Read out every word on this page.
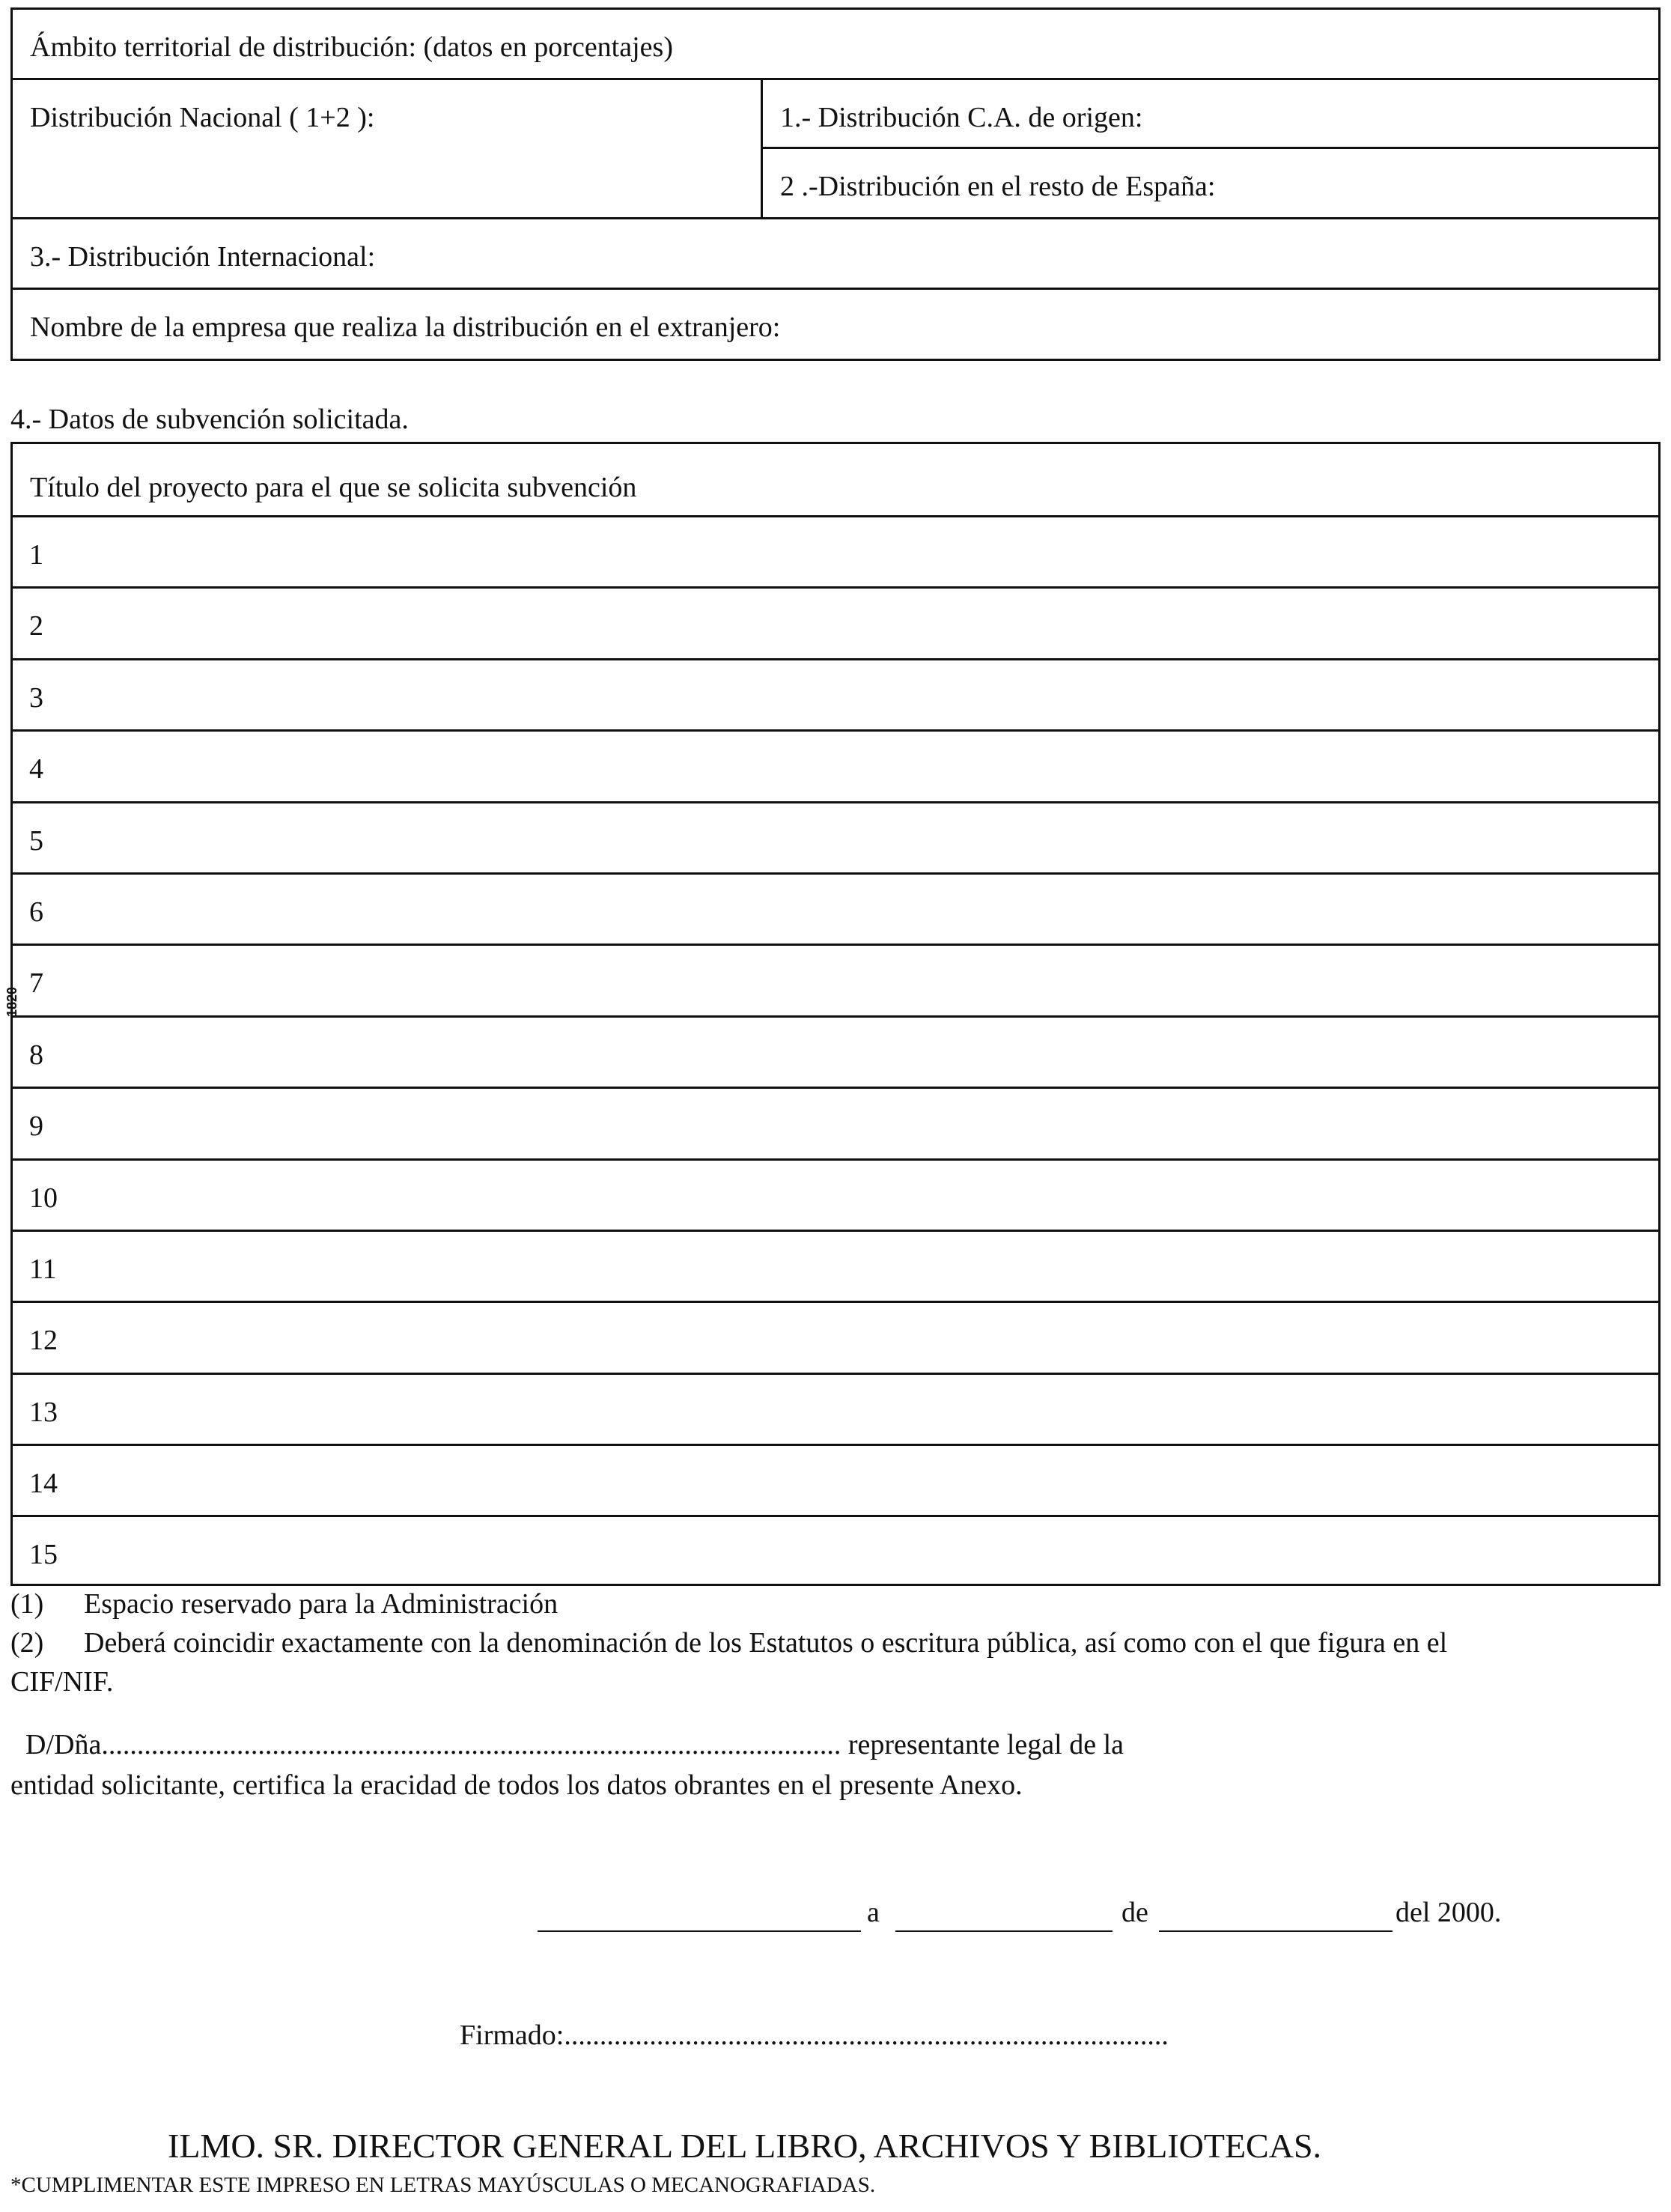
Ámbito territorial de distribución: (datos en porcentajes)
Distribución Nacional ( 1+2 ):	1.- Distribución C.A. de origen:
2 .-Distribución en el resto de España:
3.- Distribución Internacional:
Nombre de la empresa que realiza la distribución en el extranjero:
4.- Datos de subvención solicitada.
Título del proyecto para el que se solicita subvención
1
2
3
4
5
6
7
8
9
10
11
12
13
14
15
1820
(1) Espacio reservado para la Administración
(2) Deberá coincidir exactamente con la denominación de los Estatutos o escritura pública, así como con el que figura en el
CIF/NIF.
D/Dña........................................................................................................ representante legal de la
entidad solicitante, certifica la eracidad de todos los datos obrantes en el presente Anexo.
a	de	del 2000.
Firmado:.....................................................................................
ILMO. SR. DIRECTOR GENERAL DEL LIBRO, ARCHIVOS Y BIBLIOTECAS.
*CUMPLIMENTAR ESTE IMPRESO EN LETRAS MAYÚSCULAS O MECANOGRAFIADAS.
